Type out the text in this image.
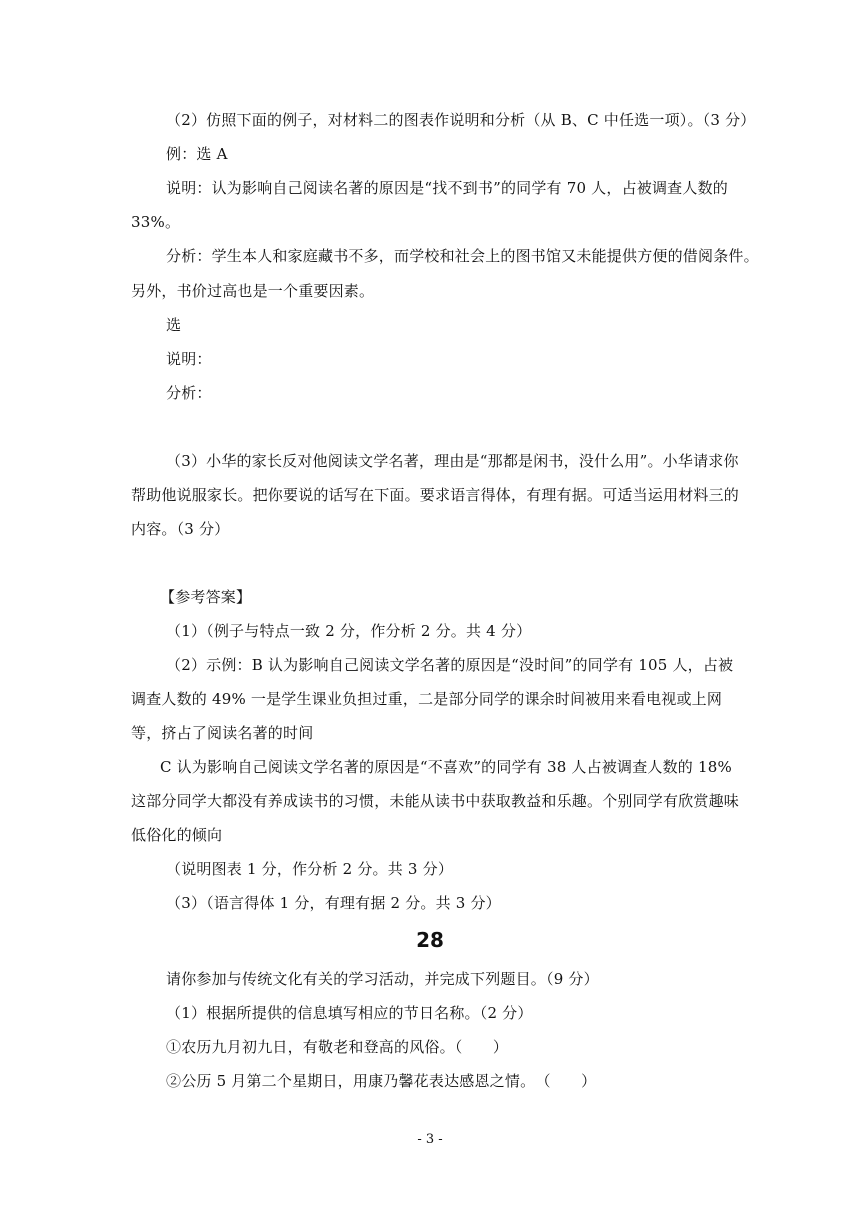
（2）仿照下面的例子，对材料二的图表作说明和分析（从 B、C 中任选一项）。（3 分）
例：选 A
说明：认为影响自己阅读名著的原因是“找不到书”的同学有 70 人，占被调查人数的
33%。
分析：学生本人和家庭藏书不多，而学校和社会上的图书馆又未能提供方便的借阅条件。
另外，书价过高也是一个重要因素。
选
说明：
分析：
（3）小华的家长反对他阅读文学名著，理由是“那都是闲书，没什么用”。小华请求你
帮助他说服家长。把你要说的话写在下面。要求语言得体，有理有据。可适当运用材料三的
内容。（3 分）
【参考答案】
（1）（例子与特点一致 2 分，作分析 2 分。共 4 分）
（2）示例：B 认为影响自己阅读文学名著的原因是“没时间”的同学有 105 人，占被
调查人数的 49% 一是学生课业负担过重，二是部分同学的课余时间被用来看电视或上网
等，挤占了阅读名著的时间
C 认为影响自己阅读文学名著的原因是“不喜欢”的同学有 38 人占被调查人数的 18%
这部分同学大都没有养成读书的习惯，未能从读书中获取教益和乐趣。个别同学有欣赏趣味
低俗化的倾向
（说明图表 1 分，作分析 2 分。共 3 分）
（3）（语言得体 1 分，有理有据 2 分。共 3 分）
28
请你参加与传统文化有关的学习活动，并完成下列题目。（9 分）
（1）根据所提供的信息填写相应的节日名称。（2 分）
①农历九月初九日，有敬老和登高的风俗。（　　）
②公历 5 月第二个星期日，用康乃馨花表达感恩之情。　（　　）
- 3 -
